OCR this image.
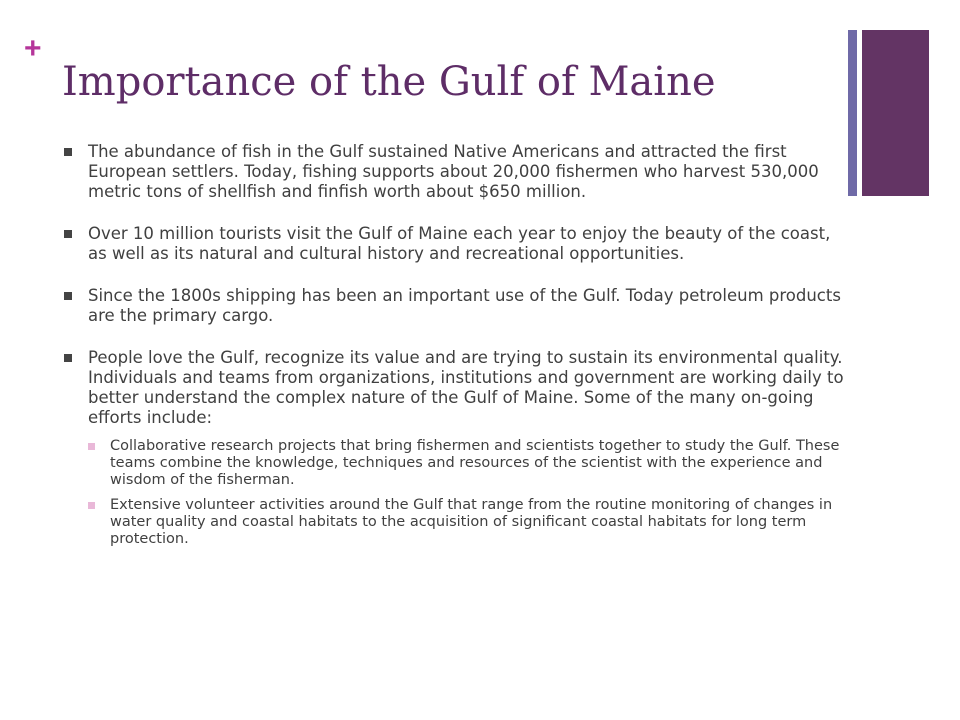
+
Importance of the Gulf of Maine
The abundance of fish in the Gulf sustained Native Americans and attracted the first European settlers. Today, fishing supports about 20,000 fishermen who harvest 530,000 metric tons of shellfish and finfish worth about $650 million.
Over 10 million tourists visit the Gulf of Maine each year to enjoy the beauty of the coast, as well as its natural and cultural history and recreational opportunities.
Since the 1800s shipping has been an important use of the Gulf. Today petroleum products are the primary cargo.
People love the Gulf, recognize its value and are trying to sustain its environmental quality. Individuals and teams from organizations, institutions and government are working daily to better understand the complex nature of the Gulf of Maine. Some of the many on-going efforts include:
Collaborative research projects that bring fishermen and scientists together to study the Gulf. These teams combine the knowledge, techniques and resources of the scientist with the experience and wisdom of the fisherman.
Extensive volunteer activities around the Gulf that range from the routine monitoring of changes in water quality and coastal habitats to the acquisition of significant coastal habitats for long term protection.
